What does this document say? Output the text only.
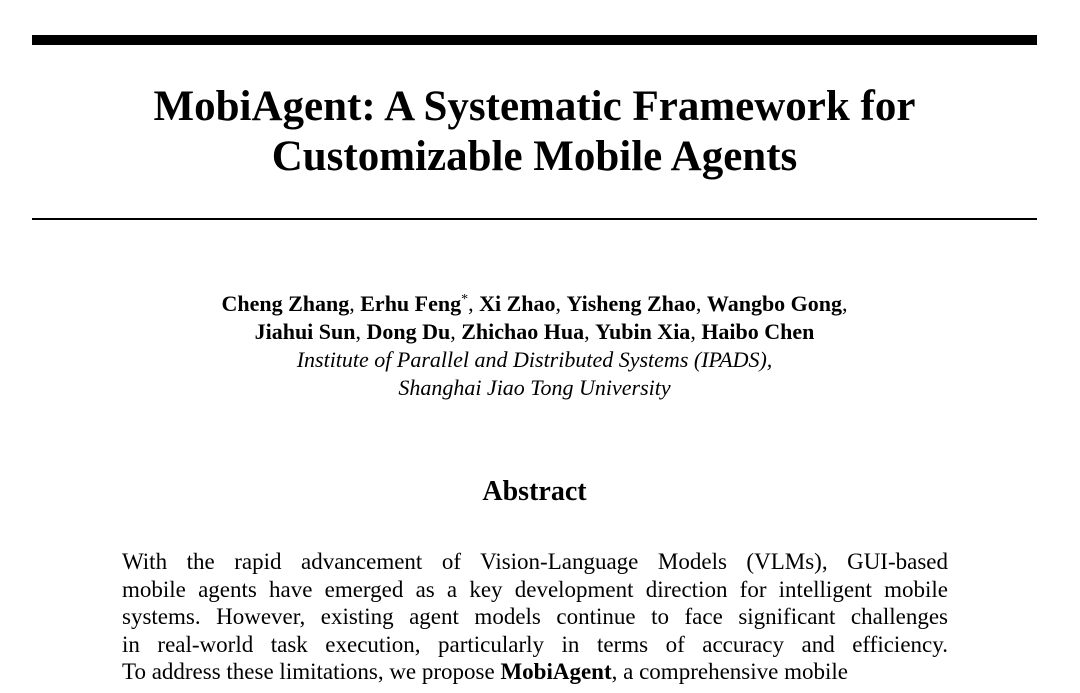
MobiAgent: A Systematic Framework for
Customizable Mobile Agents
Cheng Zhang, Erhu Feng*, Xi Zhao, Yisheng Zhao, Wangbo Gong,
Jiahui Sun, Dong Du, Zhichao Hua, Yubin Xia, Haibo Chen
Institute of Parallel and Distributed Systems (IPADS),
Shanghai Jiao Tong University
Abstract
With the rapid advancement of Vision-Language Models (VLMs), GUI-based
mobile agents have emerged as a key development direction for intelligent mobile
systems. However, existing agent models continue to face significant challenges
in real-world task execution, particularly in terms of accuracy and efficiency.
To address these limitations, we propose MobiAgent, a comprehensive mobile
